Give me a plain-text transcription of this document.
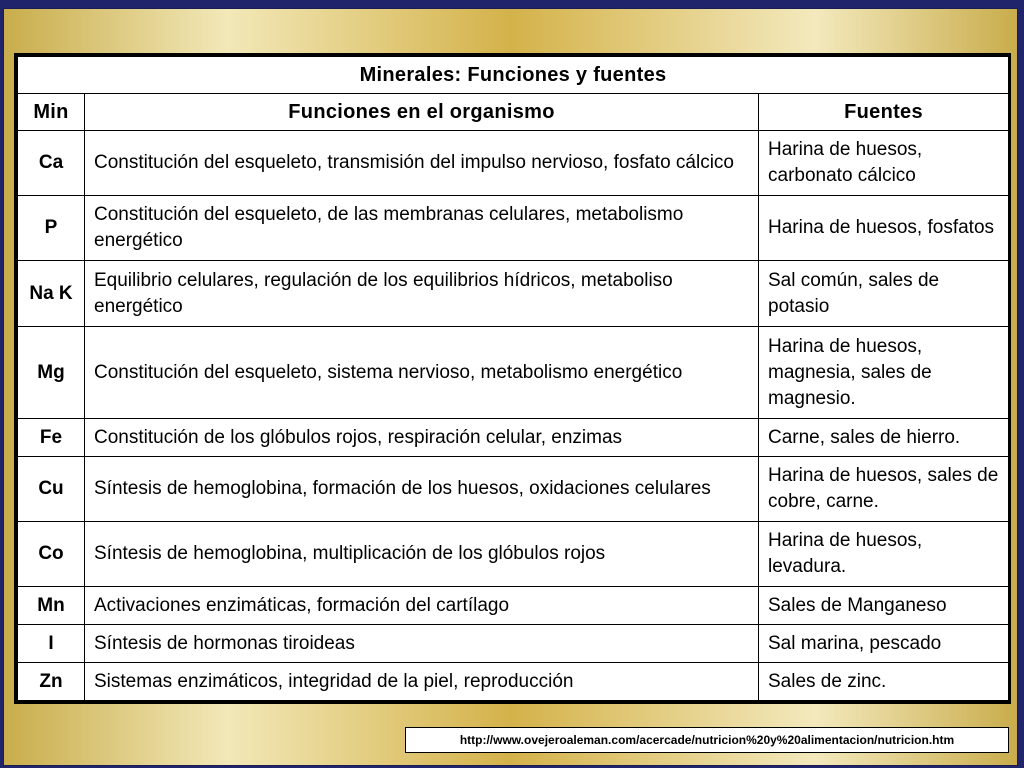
Minerales: Funciones y fuentes		
Min	Funciones en el organismo	Fuentes
Ca	Constitución del esqueleto, transmisión del impulso nervioso, fosfato cálcico	Harina de huesos, carbonato cálcico
P	Constitución del esqueleto, de las membranas celulares, metabolismo energético	Harina de huesos, fosfatos
Na K	Equilibrio celulares, regulación de los equilibrios hídricos, metaboliso energético	Sal común, sales de potasio
Mg	Constitución del esqueleto, sistema nervioso, metabolismo energético	Harina de huesos, magnesia, sales de magnesio.
Fe	Constitución de los glóbulos rojos, respiración celular, enzimas	Carne, sales de hierro.
Cu	Síntesis de hemoglobina, formación de los huesos, oxidaciones celulares	Harina de huesos, sales de cobre, carne.
Co	Síntesis de hemoglobina, multiplicación de los glóbulos rojos	Harina de huesos, levadura.
Mn	Activaciones enzimáticas, formación del cartílago	Sales de Manganeso
I	Síntesis de hormonas tiroideas	Sal marina, pescado
Zn	Sistemas enzimáticos, integridad de la piel, reproducción	Sales de zinc.
http://www.ovejeroaleman.com/acercade/nutricion%20y%20alimentacion/nutricion.htm
